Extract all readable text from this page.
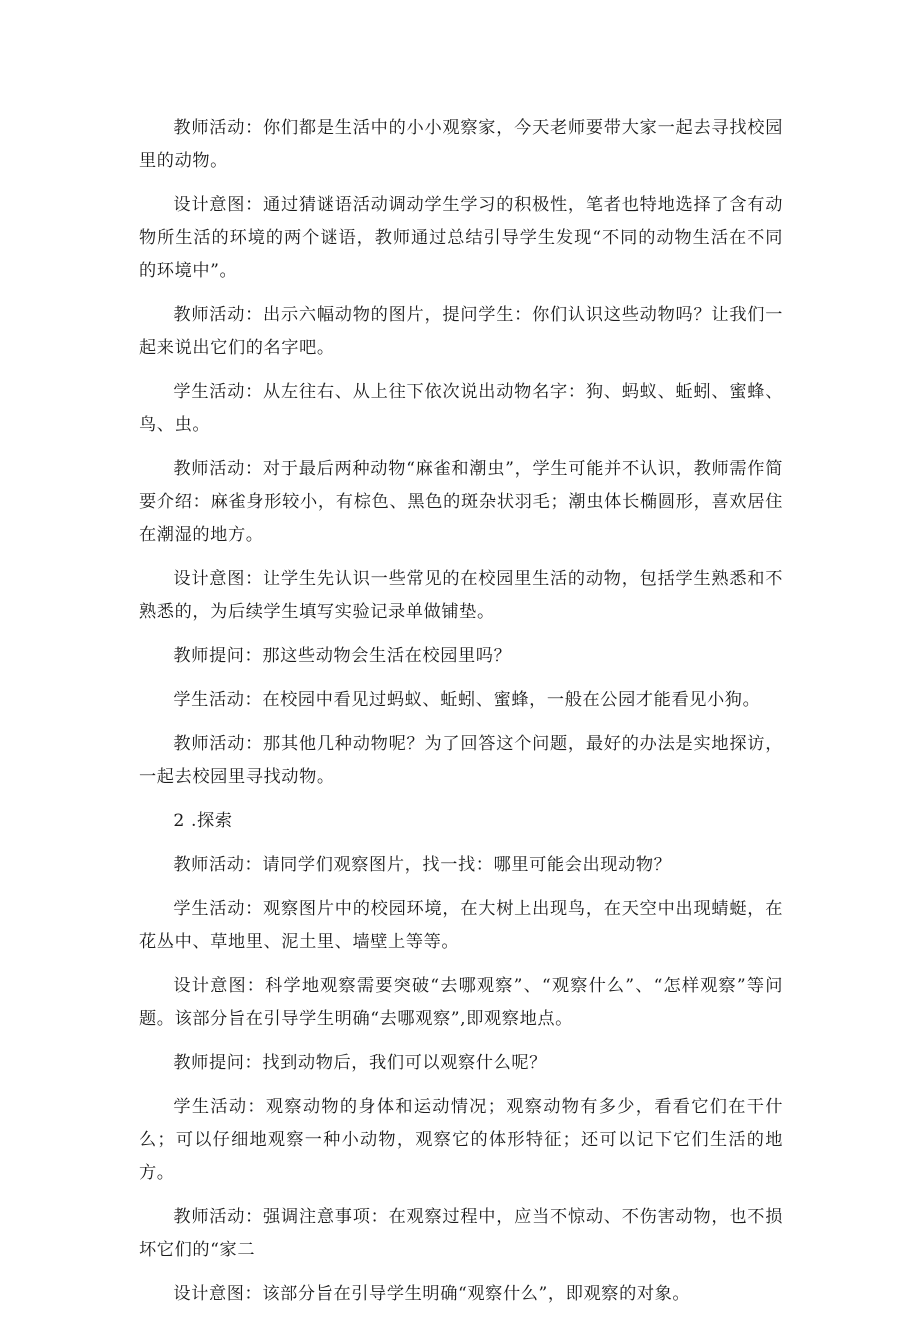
教师活动：你们都是生活中的小小观察家，今天老师要带大家一起去寻找校园里的动物。

设计意图：通过猜谜语活动调动学生学习的积极性，笔者也特地选择了含有动物所生活的环境的两个谜语，教师通过总结引导学生发现“不同的动物生活在不同的环境中”。

教师活动：出示六幅动物的图片，提问学生：你们认识这些动物吗？让我们一起来说出它们的名字吧。

学生活动：从左往右、从上往下依次说出动物名字：狗、蚂蚁、蚯蚓、蜜蜂、鸟、虫。

教师活动：对于最后两种动物“麻雀和潮虫”，学生可能并不认识，教师需作简要介绍：麻雀身形较小，有棕色、黑色的斑杂状羽毛；潮虫体长椭圆形，喜欢居住在潮湿的地方。

设计意图：让学生先认识一些常见的在校园里生活的动物，包括学生熟悉和不熟悉的，为后续学生填写实验记录单做铺垫。

教师提问：那这些动物会生活在校园里吗？

学生活动：在校园中看见过蚂蚁、蚯蚓、蜜蜂，一般在公园才能看见小狗。

教师活动：那其他几种动物呢？为了回答这个问题，最好的办法是实地探访，一起去校园里寻找动物。

2 .探索

教师活动：请同学们观察图片，找一找：哪里可能会出现动物？

学生活动：观察图片中的校园环境，在大树上出现鸟，在天空中出现蜻蜓，在花丛中、草地里、泥土里、墙壁上等等。

设计意图：科学地观察需要突破“去哪观察”、“观察什么”、“怎样观察”等问题。该部分旨在引导学生明确“去哪观察”,即观察地点。

教师提问：找到动物后，我们可以观察什么呢？

学生活动：观察动物的身体和运动情况；观察动物有多少，看看它们在干什么；可以仔细地观察一种小动物，观察它的体形特征；还可以记下它们生活的地方。

教师活动：强调注意事项：在观察过程中，应当不惊动、不伤害动物，也不损坏它们的“家二

设计意图：该部分旨在引导学生明确“观察什么”，即观察的对象。
